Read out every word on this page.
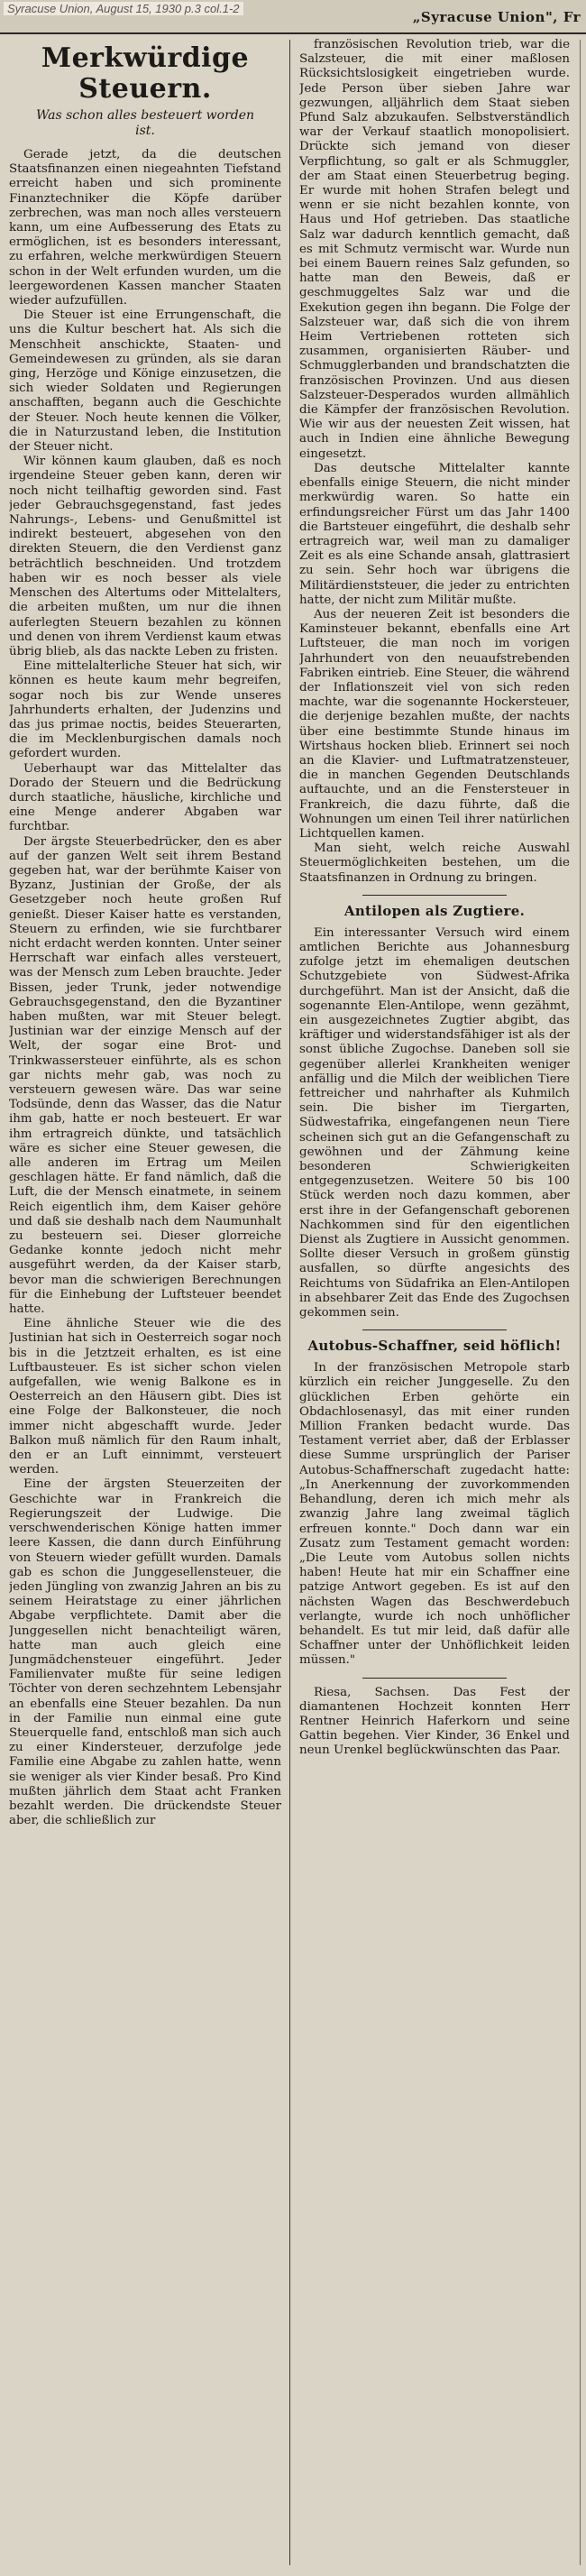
Syracuse Union, August 15, 1930 p.3 col.1-2
„Syracuse Union", Fr
Merkwürdige Steuern.
Was schon alles besteuert worden ist.

Gerade jetzt, da die deutschen Staatsfinanzen einen niegeahnten Tiefstand erreicht haben und sich prominente Finanztechniker die Köpfe darüber zerbrechen, was man noch alles versteuern kann, um eine Aufbesserung des Etats zu ermöglichen, ist es besonders interessant, zu erfahren, welche merkwürdigen Steuern schon in der Welt erfunden wurden, um die leergewordenen Kassen mancher Staaten wieder aufzufüllen.

Die Steuer ist eine Errungenschaft, die uns die Kultur beschert hat. Als sich die Menschheit anschickte, Staaten- und Gemeindewesen zu gründen, als sie daran ging, Herzöge und Könige einzusetzen, die sich wieder Soldaten und Regierungen anschafften, begann auch die Geschichte der Steuer. Noch heute kennen die Völker, die in Naturzustand leben, die Institution der Steuer nicht.

Wir können kaum glauben, daß es noch irgendeine Steuer geben kann, deren wir noch nicht teilhaftig geworden sind. Fast jeder Gebrauchsgegenstand, fast jedes Nahrungs-, Lebens- und Genußmittel ist indirekt besteuert, abgesehen von den direkten Steuern, die den Verdienst ganz beträchtlich beschneiden. Und trotzdem haben wir es noch besser als viele Menschen des Altertums oder Mittelalters, die arbeiten mußten, um nur die ihnen auferlegten Steuern bezahlen zu können und denen von ihrem Verdienst kaum etwas übrig blieb, als das nackte Leben zu fristen.

Eine mittelalterliche Steuer hat sich, wir können es heute kaum mehr begreifen, sogar noch bis zur Wende unseres Jahrhunderts erhalten, der Judenzins und das jus primae noctis, beides Steuerarten, die im Mecklenburgischen damals noch gefordert wurden.

Ueberhaupt war das Mittelalter das Dorado der Steuern und die Bedrückung durch staatliche, häusliche, kirchliche und eine Menge anderer Abgaben war furchtbar.

Der ärgste Steuerbedrücker, den es aber auf der ganzen Welt seit ihrem Bestand gegeben hat, war der berühmte Kaiser von Byzanz, Justinian der Große, der als Gesetzgeber noch heute großen Ruf genießt. Dieser Kaiser hatte es verstanden, Steuern zu erfinden, wie sie furchtbarer nicht erdacht werden konnten. Unter seiner Herrschaft war einfach alles versteuert, was der Mensch zum Leben brauchte. Jeder Bissen, jeder Trunk, jeder notwendige Gebrauchsgegenstand, den die Byzantiner haben mußten, war mit Steuer belegt. Justinian war der einzige Mensch auf der Welt, der sogar eine Brot- und Trinkwassersteuer einführte, als es schon gar nichts mehr gab, was noch zu versteuern gewesen wäre. Das war seine Todsünde, denn das Wasser, das die Natur ihm gab, hatte er noch besteuert. Er war ihm ertragreich dünkte, und tatsächlich wäre es sicher eine Steuer gewesen, die alle anderen im Ertrag um Meilen geschlagen hätte. Er fand nämlich, daß die Luft, die der Mensch einatmete, in seinem Reich eigentlich ihm, dem Kaiser gehöre und daß sie deshalb nach dem Naumunhalt zu besteuern sei. Dieser glorreiche Gedanke konnte jedoch nicht mehr ausgeführt werden, da der Kaiser starb, bevor man die schwierigen Berechnungen für die Einhebung der Luftsteuer beendet hatte.

Eine ähnliche Steuer wie die des Justinian hat sich in Oesterreich sogar noch bis in die Jetztzeit erhalten, es ist eine Luftbausteuer. Es ist sicher schon vielen aufgefallen, wie wenig Balkone es in Oesterreich an den Häusern gibt. Dies ist eine Folge der Balkonsteuer, die noch immer nicht abgeschafft wurde. Jeder Balkon muß nämlich für den Raum inhalt, den er an Luft einnimmt, versteuert werden.

Eine der ärgsten Steuerzeiten der Geschichte war in Frankreich die Regierungszeit der Ludwige. Die verschwenderischen Könige hatten immer leere Kassen, die dann durch Einführung von Steuern wieder gefüllt wurden. Damals gab es schon die Junggesellensteuer, die jeden Jüngling von zwanzig Jahren an bis zu seinem Heiratstage zu einer jährlichen Abgabe verpflichtete. Damit aber die Junggesellen nicht benachteiligt wären, hatte man auch gleich eine Jungmädchensteuer eingeführt. Jeder Familienvater mußte für seine ledigen Töchter von deren sechzehntem Lebensjahr an ebenfalls eine Steuer bezahlen. Da nun in der Familie nun einmal eine gute Steuerquelle fand, entschloß man sich auch zu einer Kindersteuer, derzufolge jede Familie eine Abgabe zu zahlen hatte, wenn sie weniger als vier Kinder besaß. Pro Kind mußten jährlich dem Staat acht Franken bezahlt werden. Die drückendste Steuer aber, die schließlich zur

französischen Revolution trieb, war die Salzsteuer, die mit einer maßlosen Rücksichtslosigkeit eingetrieben wurde. Jede Person über sieben Jahre war gezwungen, alljährlich dem Staat sieben Pfund Salz abzukaufen. Selbstverständlich war der Verkauf staatlich monopolisiert. Drückte sich jemand von dieser Verpflichtung, so galt er als Schmuggler, der am Staat einen Steuerbetrug beging. Er wurde mit hohen Strafen belegt und wenn er sie nicht bezahlen konnte, von Haus und Hof getrieben. Das staatliche Salz war dadurch kenntlich gemacht, daß es mit Schmutz vermischt war. Wurde nun bei einem Bauern reines Salz gefunden, so hatte man den Beweis, daß er geschmuggeltes Salz war und die Exekution gegen ihn begann. Die Folge der Salzsteuer war, daß sich die von ihrem Heim Vertriebenen rotteten sich zusammen, organisierten Räuber- und Schmugglerbanden und brandschatzten die französischen Provinzen. Und aus diesen Salzsteuer-Desperados wurden allmählich die Kämpfer der französischen Revolution. Wie wir aus der neuesten Zeit wissen, hat auch in Indien eine ähnliche Bewegung eingesetzt.

Das deutsche Mittelalter kannte ebenfalls einige Steuern, die nicht minder merkwürdig waren. So hatte ein erfindungsreicher Fürst um das Jahr 1400 die Bartsteuer eingeführt, die deshalb sehr ertragreich war, weil man zu damaliger Zeit es als eine Schande ansah, glattrasiert zu sein. Sehr hoch war übrigens die Militärdienststeuer, die jeder zu entrichten hatte, der nicht zum Militär mußte.

Aus der neueren Zeit ist besonders die Kaminsteuer bekannt, ebenfalls eine Art Luftsteuer, die man noch im vorigen Jahrhundert von den neuaufstrebenden Fabriken eintrieb. Eine Steuer, die während der Inflationszeit viel von sich reden machte, war die sogenannte Hockersteuer, die derjenige bezahlen mußte, der nachts über eine bestimmte Stunde hinaus im Wirtshaus hocken blieb. Erinnert sei noch an die Klavier- und Luftmatratzensteuer, die in manchen Gegenden Deutschlands auftauchte, und an die Fenstersteuer in Frankreich, die dazu führte, daß die Wohnungen um einen Teil ihrer natürlichen Lichtquellen kamen.

Man sieht, welch reiche Auswahl Steuermöglichkeiten bestehen, um die Staatsfinanzen in Ordnung zu bringen.

Antilopen als Zugtiere.

Ein interessanter Versuch wird einem amtlichen Berichte aus Johannesburg zufolge jetzt im ehemaligen deutschen Schutzgebiete von Südwest-Afrika durchgeführt. Man ist der Ansicht, daß die sogenannte Elen-Antilope, wenn gezähmt, ein ausgezeichnetes Zugtier abgibt, das kräftiger und widerstandsfähiger ist als der sonst übliche Zugochse. Daneben soll sie gegenüber allerlei Krankheiten weniger anfällig und die Milch der weiblichen Tiere fettreicher und nahrhafter als Kuhmilch sein. Die bisher im Tiergarten, Südwestafrika, eingefangenen neun Tiere scheinen sich gut an die Gefangenschaft zu gewöhnen und der Zähmung keine besonderen Schwierigkeiten entgegenzusetzen. Weitere 50 bis 100 Stück werden noch dazu kommen, aber erst ihre in der Gefangenschaft geborenen Nachkommen sind für den eigentlichen Dienst als Zugtiere in Aussicht genommen. Sollte dieser Versuch in großem günstig ausfallen, so dürfte angesichts des Reichtums von Südafrika an Elen-Antilopen in absehbarer Zeit das Ende des Zugochsen gekommen sein.

Autobus-Schaffner, seid höflich!

In der französischen Metropole starb kürzlich ein reicher Junggeselle. Zu den glücklichen Erben gehörte ein Obdachlosenasyl, das mit einer runden Million Franken bedacht wurde. Das Testament verriet aber, daß der Erblasser diese Summe ursprünglich der Pariser Autobus-Schaffnerschaft zugedacht hatte: „In Anerkennung der zuvorkommenden Behandlung, deren ich mich mehr als zwanzig Jahre lang zweimal täglich erfreuen konnte." Doch dann war ein Zusatz zum Testament gemacht worden: „Die Leute vom Autobus sollen nichts haben! Heute hat mir ein Schaffner eine patzige Antwort gegeben. Es ist auf den nächsten Wagen das Beschwerdebuch verlangte, wurde ich noch unhöflicher behandelt. Es tut mir leid, daß dafür alle Schaffner unter der Unhöflichkeit leiden müssen."

Riesa, Sachsen. Das Fest der diamantenen Hochzeit konnten Herr Rentner Heinrich Haferkorn und seine Gattin begehen. Vier Kinder, 36 Enkel und neun Urenkel beglückwünschten das Paar.
